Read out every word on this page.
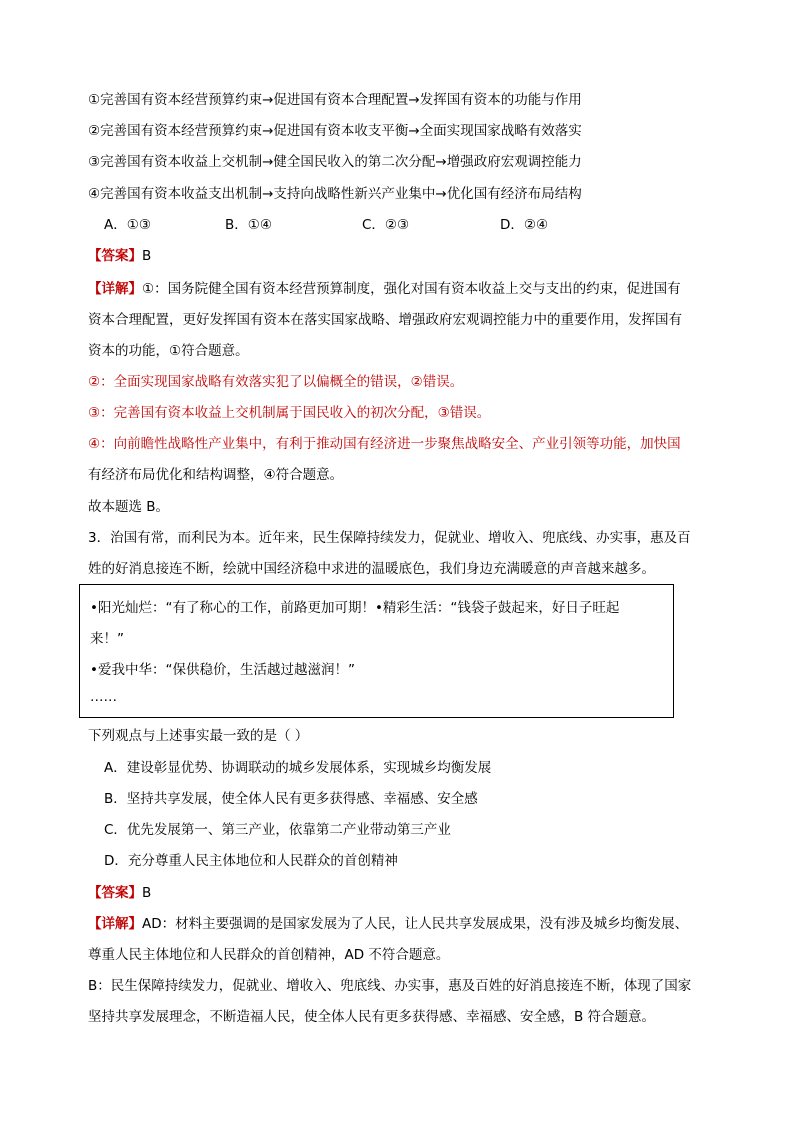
①完善国有资本经营预算约束→促进国有资本合理配置→发挥国有资本的功能与作用
②完善国有资本经营预算约束→促进国有资本收支平衡→全面实现国家战略有效落实
③完善国有资本收益上交机制→健全国民收入的第二次分配→增强政府宏观调控能力
④完善国有资本收益支出机制→支持向战略性新兴产业集中→优化国有经济布局结构
A．①③	B．①④	C．②③	D．②④
【答案】B
【详解】①：国务院健全国有资本经营预算制度，强化对国有资本收益上交与支出的约束，促进国有
资本合理配置，更好发挥国有资本在落实国家战略、增强政府宏观调控能力中的重要作用，发挥国有
资本的功能，①符合题意。
②：全面实现国家战略有效落实犯了以偏概全的错误，②错误。
③：完善国有资本收益上交机制属于国民收入的初次分配，③错误。
④：向前瞻性战略性产业集中，有利于推动国有经济进一步聚焦战略安全、产业引领等功能，加快国
有经济布局优化和结构调整，④符合题意。
故本题选 B。
3．治国有常，而利民为本。近年来，民生保障持续发力，促就业、增收入、兜底线、办实事，惠及百
姓的好消息接连不断，绘就中国经济稳中求进的温暖底色，我们身边充满暖意的声音越来越多。
•阳光灿烂：“有了称心的工作，前路更加可期！•精彩生活：“钱袋子鼓起来，好日子旺起
来！”
•爱我中华：“保供稳价，生活越过越滋润！”
……
下列观点与上述事实最一致的是（ ）
A．建设彰显优势、协调联动的城乡发展体系，实现城乡均衡发展
B．坚持共享发展，使全体人民有更多获得感、幸福感、安全感
C．优先发展第一、第三产业，依靠第二产业带动第三产业
D．充分尊重人民主体地位和人民群众的首创精神
【答案】B
【详解】AD：材料主要强调的是国家发展为了人民，让人民共享发展成果，没有涉及城乡均衡发展、
尊重人民主体地位和人民群众的首创精神，AD 不符合题意。
B：民生保障持续发力，促就业、增收入、兜底线、办实事，惠及百姓的好消息接连不断，体现了国家
坚持共享发展理念，不断造福人民，使全体人民有更多获得感、幸福感、安全感，B 符合题意。
